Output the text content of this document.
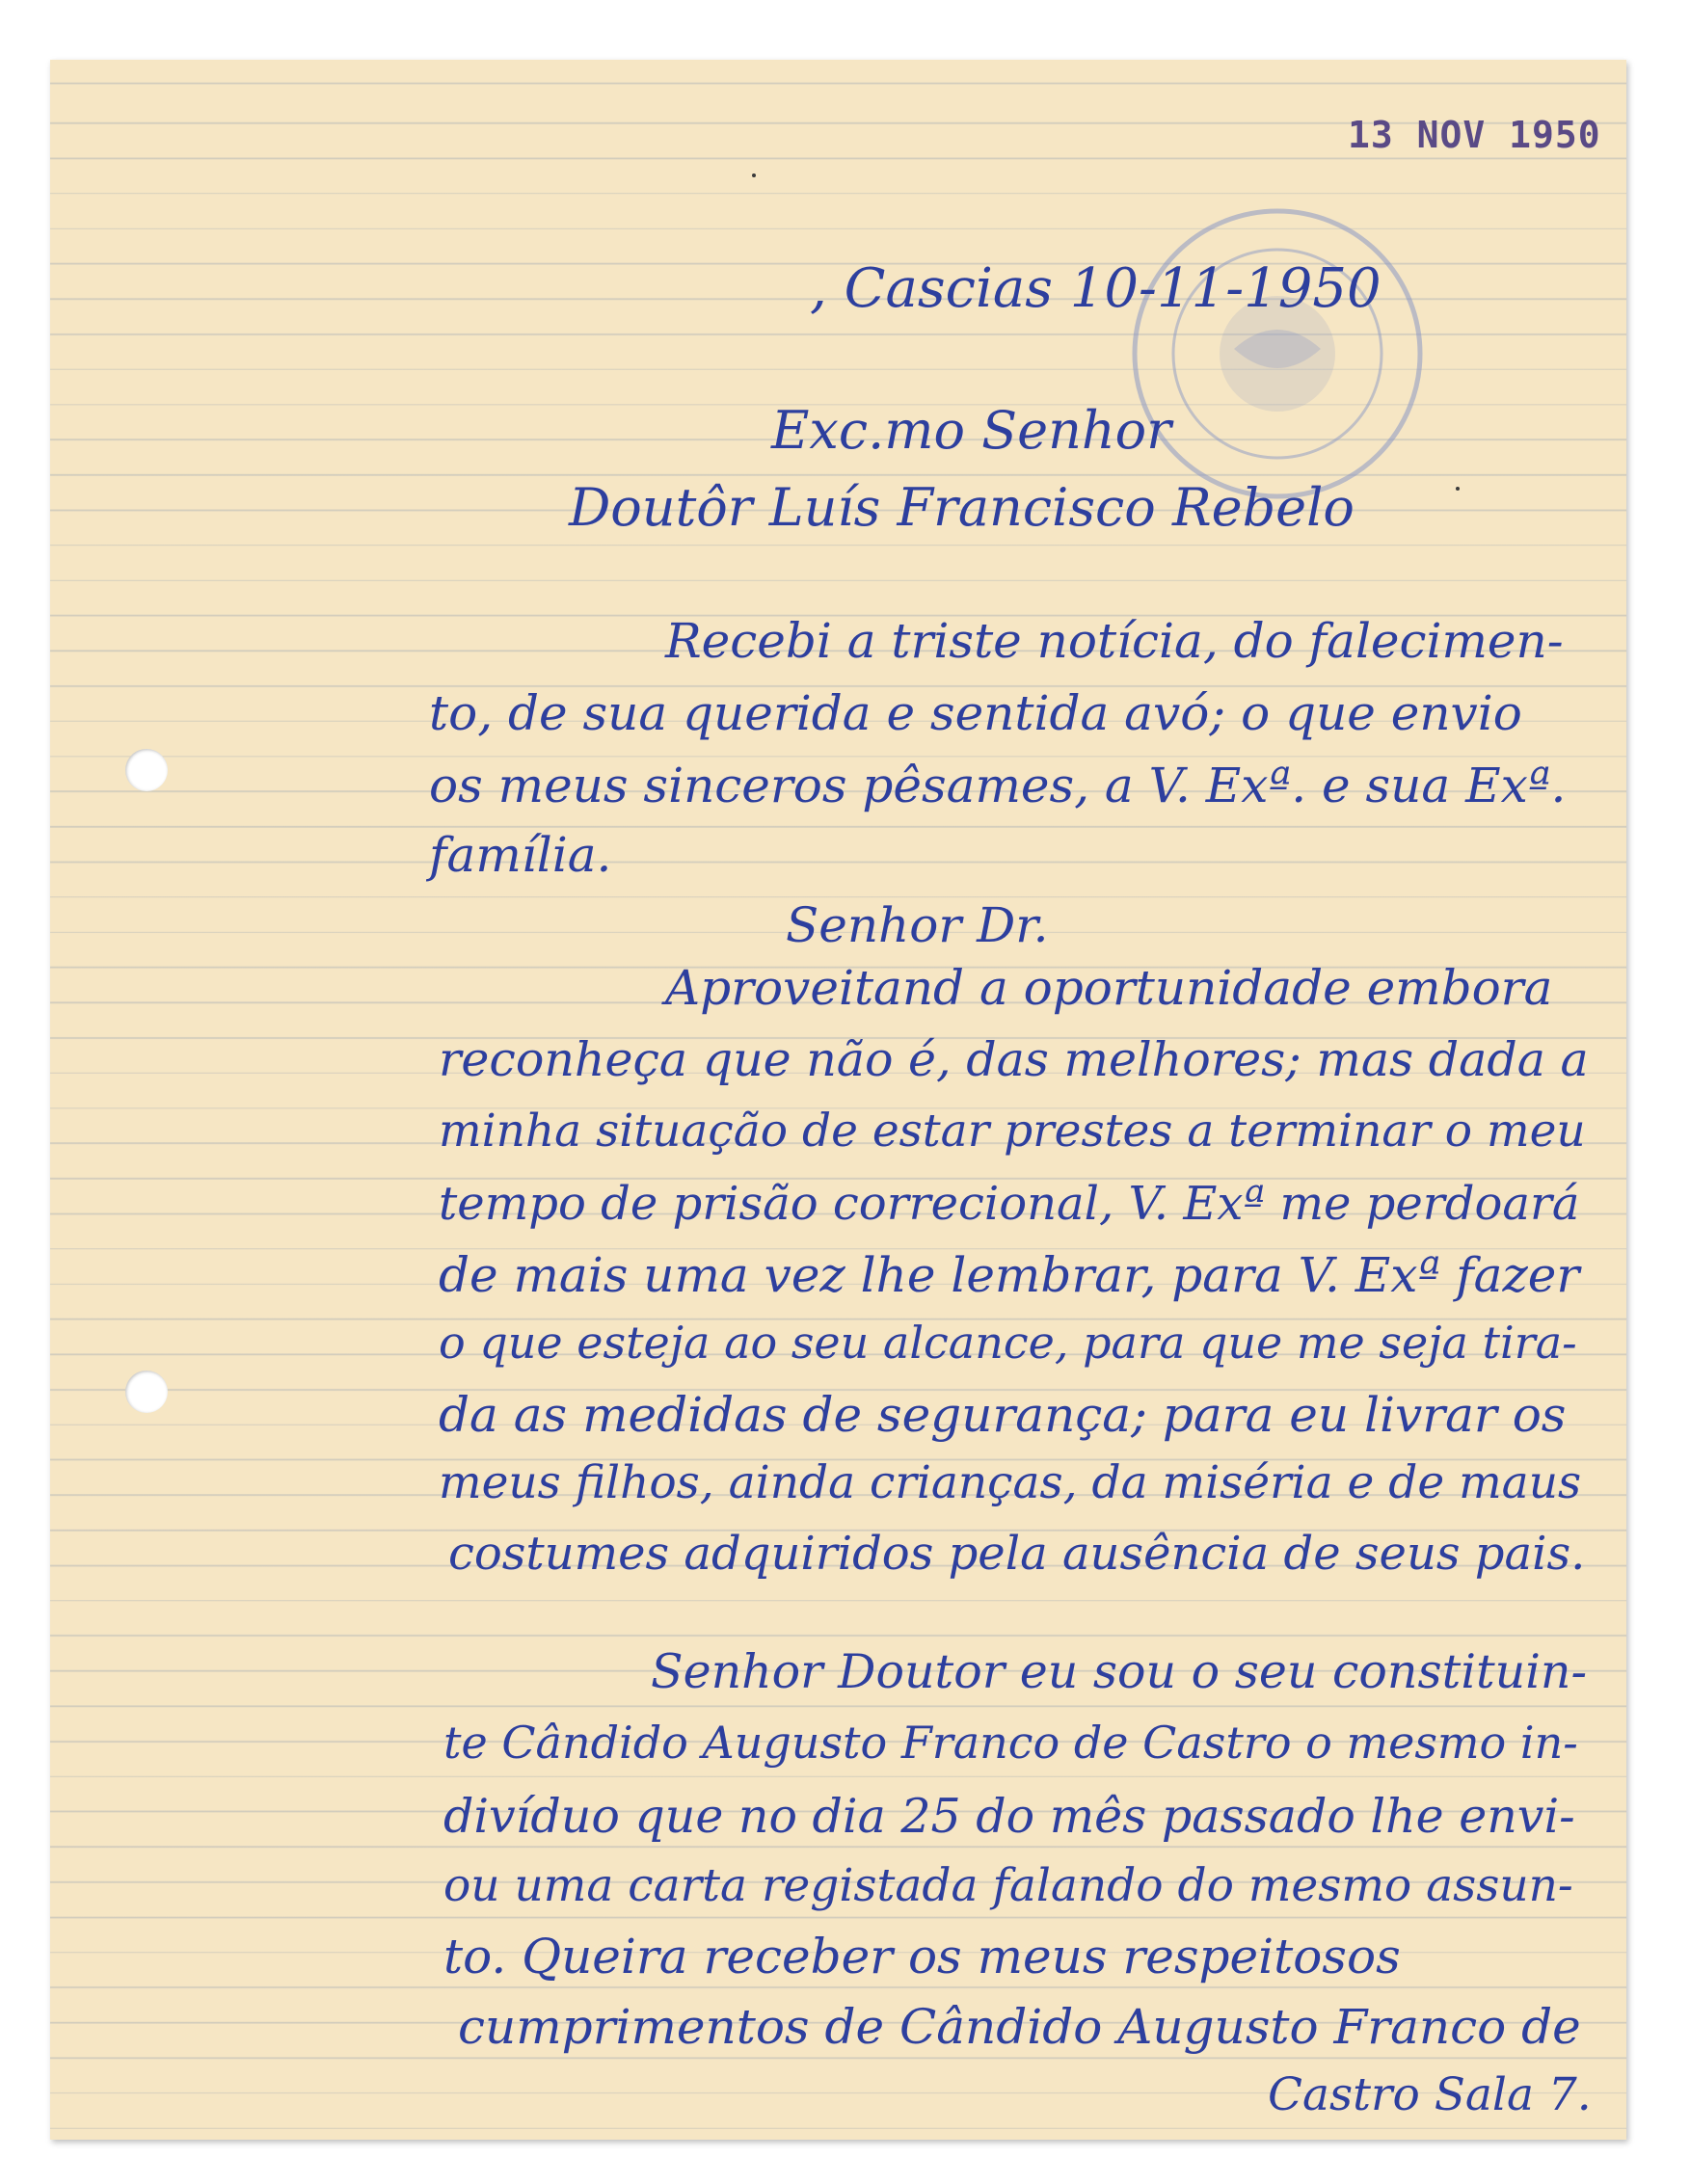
13 NOV 1950
, Cascias 10-11-1950
Exc.mo Senhor
Doutôr Luís Francisco Rebelo
Recebi a triste notícia, do falecimen-
to, de sua querida e sentida avó; o que envio
os meus sinceros pêsames, a V. Exª. e sua Exª.
família.
Senhor Dr.
Aproveitand a oportunidade embora
reconheça que não é, das melhores; mas dada a
minha situação de estar prestes a terminar o meu
tempo de prisão correcional, V. Exª me perdoará
de mais uma vez lhe lembrar, para V. Exª fazer
o que esteja ao seu alcance, para que me seja tira-
da as medidas de segurança; para eu livrar os
meus filhos, ainda crianças, da miséria e de maus
costumes adquiridos pela ausência de seus pais.
Senhor Doutor eu sou o seu constituin-
te Cândido Augusto Franco de Castro o mesmo in-
divíduo que no dia 25 do mês passado lhe envi-
ou uma carta registada falando do mesmo assun-
to. Queira receber os meus respeitosos
cumprimentos de Cândido Augusto Franco de
Castro Sala 7.
